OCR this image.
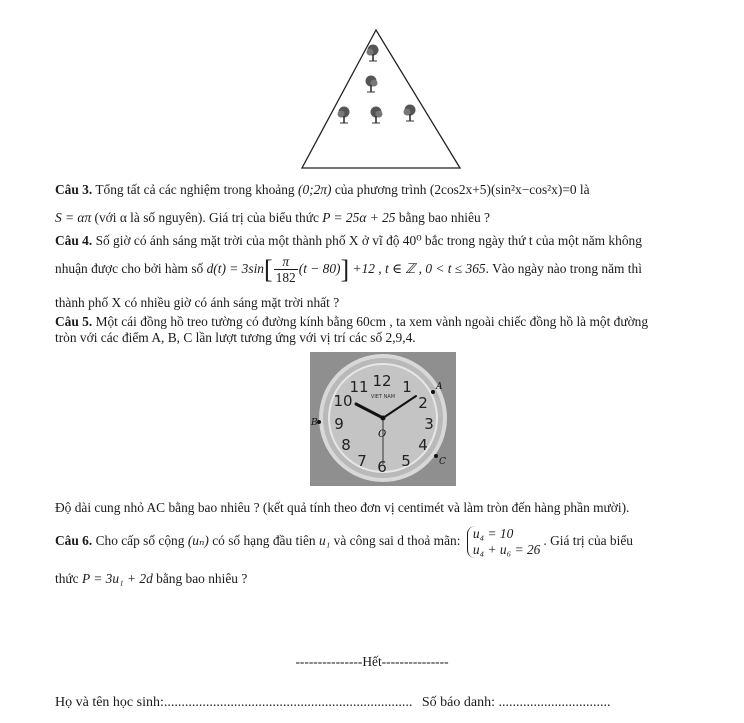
Câu 3. Tổng tất cả các nghiệm trong khoảng (0;2π) của phương trình (2cos2x+5)(sin²x−cos²x)=0 là
S = απ (với α là số nguyên). Giá trị của biểu thức P = 25α + 25 bằng bao nhiêu ?
Câu 4. Số giờ có ánh sáng mặt trời của một thành phố X ở vĩ độ 40⁰ bắc trong ngày thứ t của một năm không
nhuận được cho bởi hàm số $d(t) = 3\sin[ \frac{\pi}{182} (t - 80)] +12$ , t ∈ ℤ , 0 < t ≤ 365. Vào ngày nào trong năm thì
thành phố X có nhiều giờ có ánh sáng mặt trời nhất ?
Câu 5. Một cái đồng hồ treo tường có đường kính bằng 60cm , ta xem vành ngoài chiếc đồng hồ là một đường
tròn với các điểm A, B, C lần lượt tương ứng với vị trí các số 2,9,4.
12 1
2
3
4
5
6
7
8
9
10
11
VIET NAM
O
A
B
C
Độ dài cung nhỏ AC bằng bao nhiêu ? (kết quả tính theo đơn vị centimét và làm tròn đến hàng phần mười).
Câu 6. Cho cấp số cộng (uₙ) có số hạng đầu tiên u₁ và công sai d thoả mãn: u₄ = 10
u₄ + u₆ = 26
. Giá trị của biểu
thức P = 3u₁ + 2d bằng bao nhiêu ?
---------------Hết---------------
Họ và tên học sinh:....................................................................... Số báo danh: ................................
